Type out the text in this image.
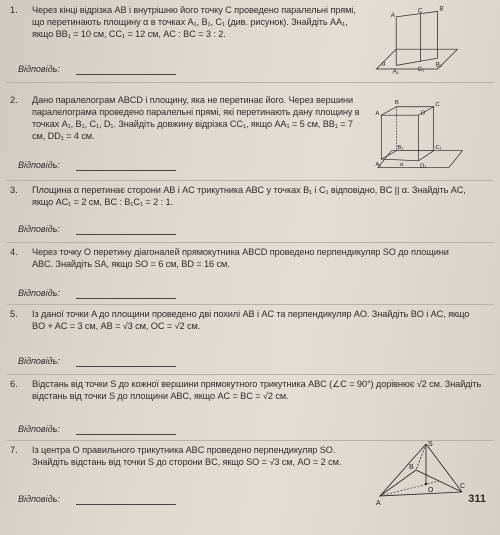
1. Через кінці відрізка AB і внутрішню його точку C проведено паралельні прямі, що перетинають площину α в точках A₁, B₁, C₁ (див. рисунок). Знайдіть AA₁, якщо BB₁ = 10 см, CC₁ = 12 см, AC : BC = 3 : 2.
Відповідь:
A
C B
α
A₁	C₁
B₁
2. Дано паралелограм ABCD і площину, яка не перетинає його. Через вершини паралелограма проведено паралельні прямі, які перетинають дану площину в точках A₁, B₁, C₁, D₁. Знайдіть довжину відрізка CC₁, якщо AA₁ = 5 см, BB₁ = 7 см, DD₁ = 4 см.
Відповідь:
A
B	C
D
A₁
B₁	C₁
D₁
α
3. Площина α перетинає сторони AB і AC трикутника ABC у точках B₁ і C₁ відповідно, BC || α. Знайдіть AC, якщо AC₁ = 2 см, BC : B₁C₁ = 2 : 1.
Відповідь:
4. Через точку O перетину діагоналей прямокутника ABCD проведено перпендикуляр SO до площини ABC. Знайдіть SA, якщо SO = 6 см, BD = 16 см.
Відповідь:
5. Із даної точки A до площини проведено дві похилі AB і AC та перпендикуляр AO. Знайдіть BO і AC, якщо BO + AC = 3 см, AB = √3 см, OC = √2 см.
Відповідь:
6. Відстань від точки S до кожної вершини прямокутного трикутника ABC (∠C = 90°) дорівнює √2 см. Знайдіть відстань від точки S до площини ABC, якщо AC = BC = √2 см.
Відповідь:
7. Із центра O правильного трикутника ABC проведено перпендикуляр SO. Знайдіть відстань від точки S до сторони BC, якщо SO = √3 см, AO = 2 см.
Відповідь:
S
B
A
O
C
311
